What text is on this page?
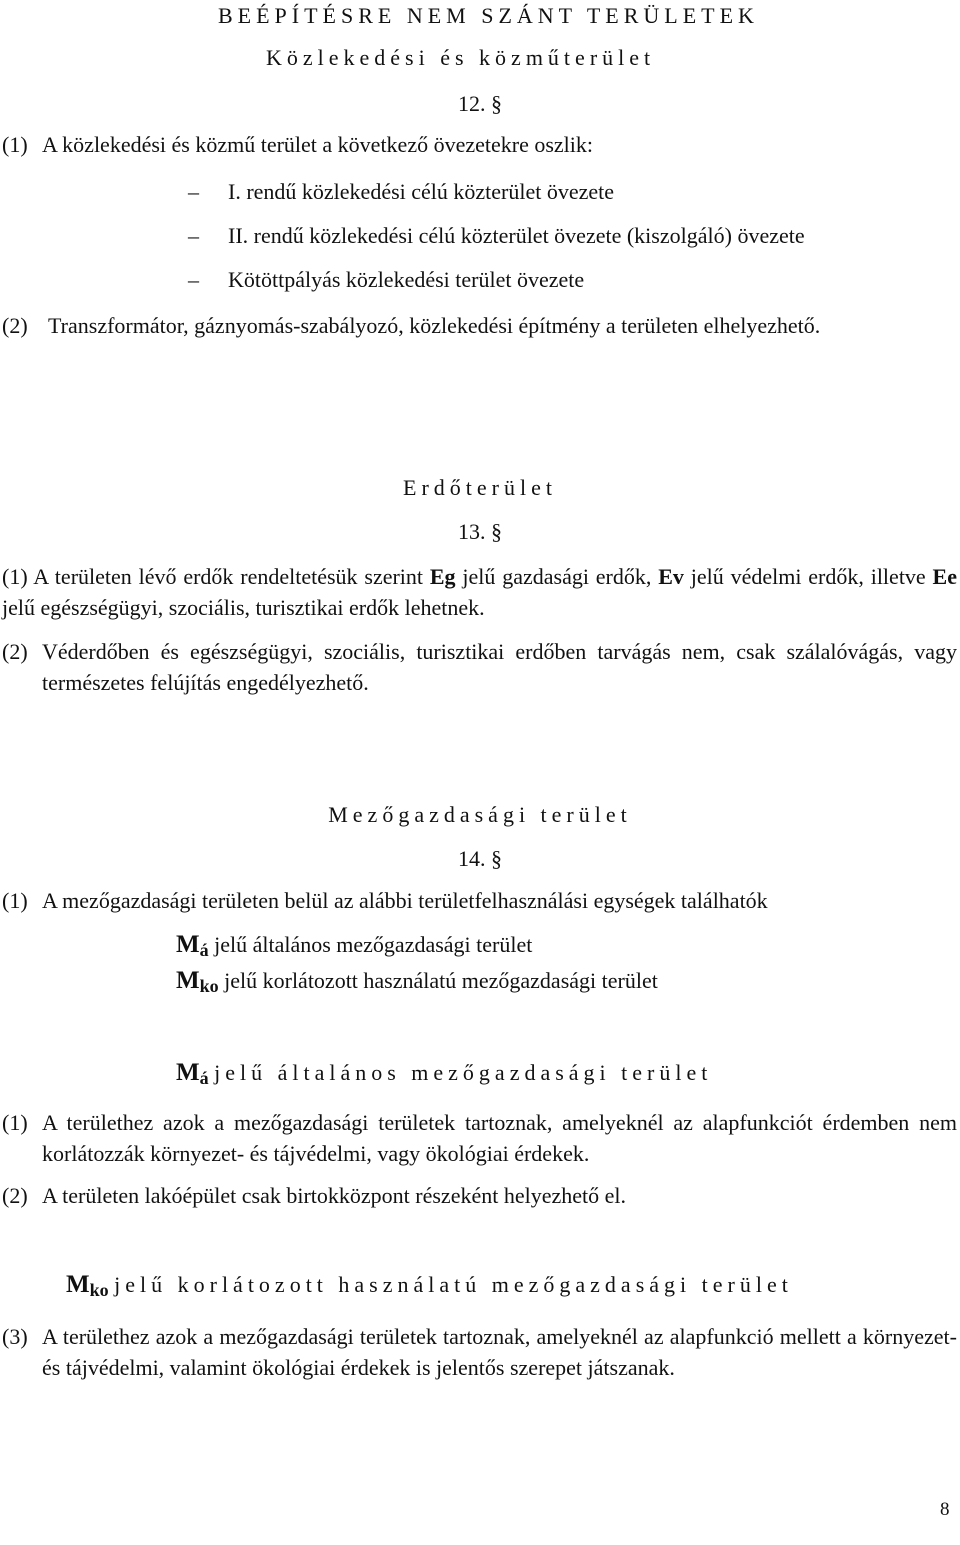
BEÉPÍTÉSRE NEM SZÁNT TERÜLETEK
Közlekedési és közműterület
12. §
(1) A közlekedési és közmű terület a következő övezetekre oszlik:
– I. rendű közlekedési célú közterület övezete
– II. rendű közlekedési célú közterület övezete (kiszolgáló) övezete
– Kötöttpályás közlekedési terület övezete
(2) Transzformátor, gáznyomás-szabályozó, közlekedési építmény a területen elhelyezhető.
Erdőterület
13. §
(1) A területen lévő erdők rendeltetésük szerint Eg jelű gazdasági erdők, Ev jelű védelmi erdők, illetve Ee jelű egészségügyi, szociális, turisztikai erdők lehetnek.
(2) Véderdőben és egészségügyi, szociális, turisztikai erdőben tarvágás nem, csak szálalóvágás, vagy természetes felújítás engedélyezhető.
Mezőgazdasági terület
14. §
(1) A mezőgazdasági területen belül az alábbi területfelhasználási egységek találhatók
Má jelű általános mezőgazdasági terület
Mko jelű korlátozott használatú mezőgazdasági terület
Má jelű általános mezőgazdasági terület
(1) A területhez azok a mezőgazdasági területek tartoznak, amelyeknél az alapfunkciót érdemben nem korlátozzák környezet- és tájvédelmi, vagy ökológiai érdekek.
(2) A területen lakóépület csak birtokközpont részeként helyezhető el.
Mko jelű korlátozott használatú mezőgazdasági terület
(3) A területhez azok a mezőgazdasági területek tartoznak, amelyeknél az alapfunkció mellett a környezet- és tájvédelmi, valamint ökológiai érdekek is jelentős szerepet játszanak.
8
